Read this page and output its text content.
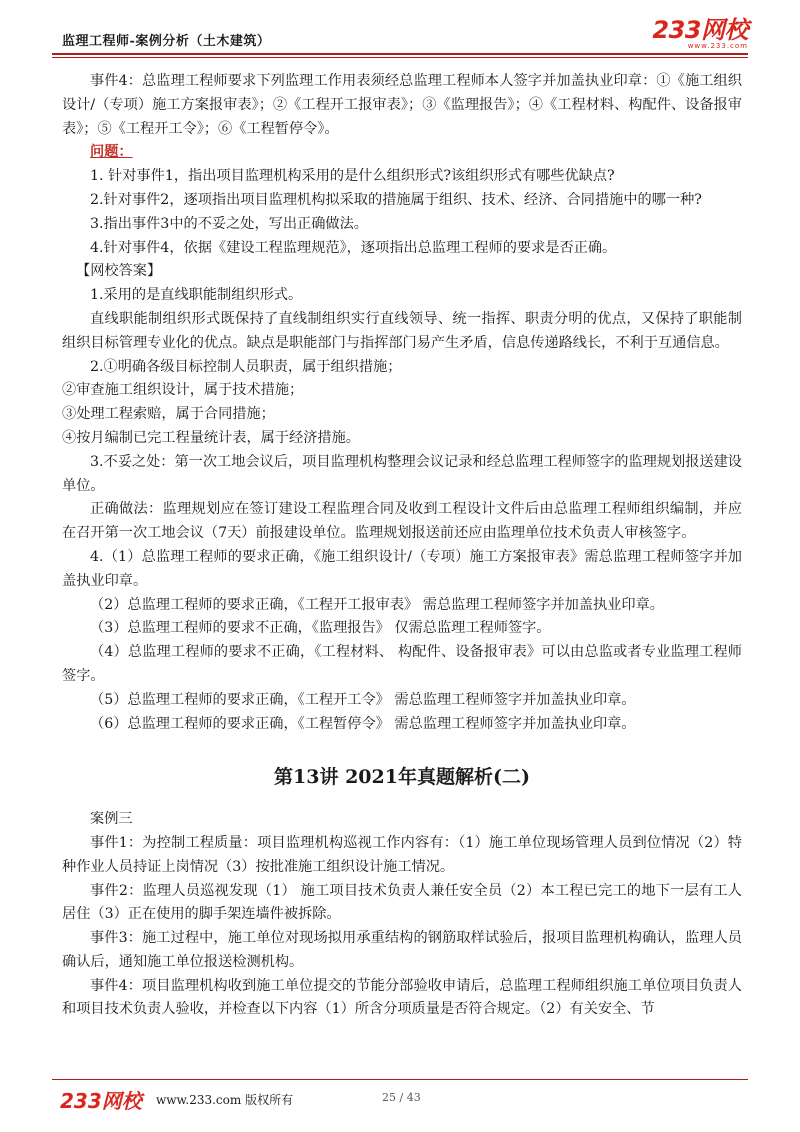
监理工程师-案例分析（土木建筑）	233网校
www.233.com

事件4：总监理工程师要求下列监理工作用表须经总监理工程师本人签字并加盖执业印章：①《施工组织设计/（专项）施工方案报审表》；②《工程开工报审表》；③《监理报告》；④《工程材料、构配件、设备报审表》；⑤《工程开工令》；⑥《工程暂停令》。

问题：

1. 针对事件1，指出项目监理机构采用的是什么组织形式?该组织形式有哪些优缺点?

2.针对事件2，逐项指出项目监理机构拟采取的措施属于组织、技术、经济、合同措施中的哪一种?

3.指出事件3中的不妥之处，写出正确做法。

4.针对事件4，依据《建设工程监理规范》，逐项指出总监理工程师的要求是否正确。

【网校答案】

1.采用的是直线职能制组织形式。

直线职能制组织形式既保持了直线制组织实行直线领导、统一指挥、职责分明的优点，又保持了职能制组织目标管理专业化的优点。缺点是职能部门与指挥部门易产生矛盾，信息传递路线长，不利于互通信息。

2.①明确各级目标控制人员职责，属于组织措施；

②审查施工组织设计，属于技术措施；

③处理工程索赔，属于合同措施；

④按月编制已完工程量统计表，属于经济措施。

3.不妥之处：第一次工地会议后，项目监理机构整理会议记录和经总监理工程师签字的监理规划报送建设单位。

正确做法：监理规划应在签订建设工程监理合同及收到工程设计文件后由总监理工程师组织编制，并应在召开第一次工地会议（7天）前报建设单位。监理规划报送前还应由监理单位技术负责人审核签字。

4.（1）总监理工程师的要求正确，《施工组织设计/（专项）施工方案报审表》需总监理工程师签字并加盖执业印章。

（2）总监理工程师的要求正确，《工程开工报审表》 需总监理工程师签字并加盖执业印章。

（3）总监理工程师的要求不正确，《监理报告》 仅需总监理工程师签字。

（4）总监理工程师的要求不正确，《工程材料、 构配件、设备报审表》可以由总监或者专业监理工程师签字。

（5）总监理工程师的要求正确，《工程开工令》 需总监理工程师签字并加盖执业印章。

（6）总监理工程师的要求正确，《工程暂停令》 需总监理工程师签字并加盖执业印章。

第13讲 2021年真题解析(二)

案例三

事件1：为控制工程质量：项目监理机构巡视工作内容有：（1）施工单位现场管理人员到位情况（2）特种作业人员持证上岗情况（3）按批准施工组织设计施工情况。

事件2：监理人员巡视发现（1） 施工项目技术负责人兼任安全员（2）本工程已完工的地下一层有工人居住（3）正在使用的脚手架连墙件被拆除。

事件3：施工过程中，施工单位对现场拟用承重结构的钢筋取样试验后，报项目监理机构确认，监理人员确认后，通知施工单位报送检测机构。

事件4：项目监理机构收到施工单位提交的节能分部验收申请后，总监理工程师组织施工单位项目负责人和项目技术负责人验收，并检查以下内容（1）所含分项质量是否符合规定。（2）有关安全、节

233网校 www.233.com 版权所有	25 / 43
